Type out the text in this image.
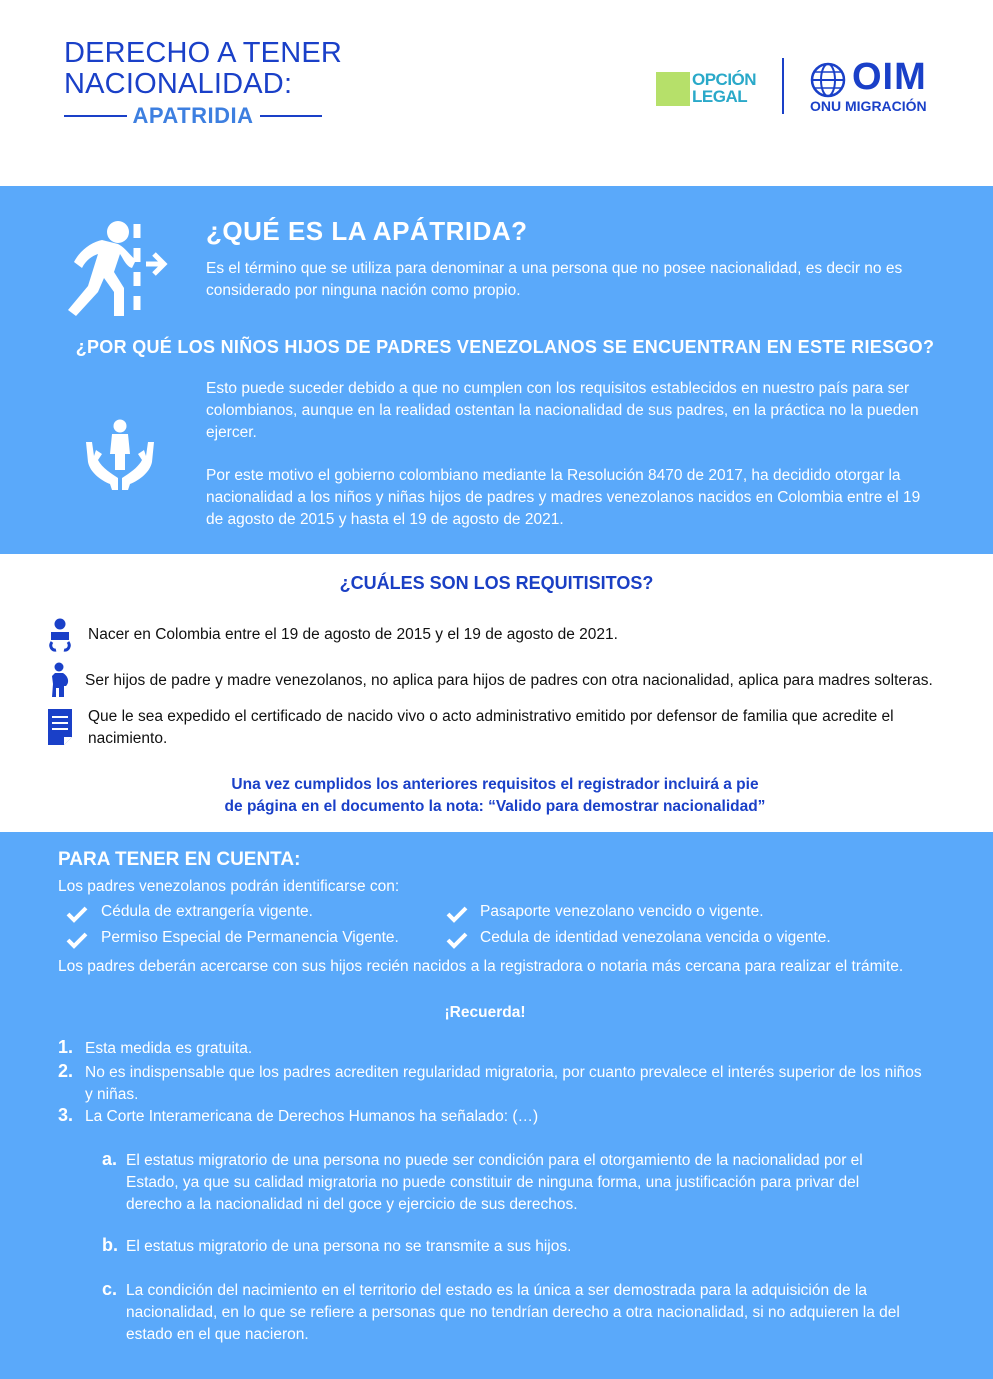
DERECHO A TENER
NACIONALIDAD:
APATRIDIA
OPCIÓN
LEGAL	OIM
ONU MIGRACIÓN
¿QUÉ ES LA APÁTRIDA?
Es el término que se utiliza para denominar a una persona que no posee nacionalidad, es decir no es considerado por ninguna nación como propio.
¿POR QUÉ LOS NIÑOS HIJOS DE PADRES VENEZOLANOS SE ENCUENTRAN EN ESTE RIESGO?
Esto puede suceder debido a que no cumplen con los requisitos establecidos en nuestro país para ser colombianos, aunque en la realidad ostentan la nacionalidad de sus padres, en la práctica no la pueden ejercer.
Por este motivo el gobierno colombiano mediante la Resolución 8470 de 2017, ha decidido otorgar la nacionalidad a los niños y niñas hijos de padres y madres venezolanos nacidos en Colombia entre el 19 de agosto de 2015 y hasta el 19 de agosto de 2021.
¿CUÁLES SON LOS REQUITISITOS?
Nacer en Colombia entre el 19 de agosto de 2015 y el 19 de agosto de 2021.
Ser hijos de padre y madre venezolanos, no aplica para hijos de padres con otra nacionalidad, aplica para madres solteras.
Que le sea expedido el certificado de nacido vivo o acto administrativo emitido por defensor de familia que acredite el nacimiento.
Una vez cumplidos los anteriores requisitos el registrador incluirá a pie
de página en el documento la nota: “Valido para demostrar nacionalidad”
PARA TENER EN CUENTA:
Los padres venezolanos podrán identificarse con:
Cédula de extrangería vigente.	Pasaporte venezolano vencido o vigente.
Permiso Especial de Permanencia Vigente.	Cedula de identidad venezolana vencida o vigente.
Los padres deberán acercarse con sus hijos recién nacidos a la registradora o notaria más cercana para realizar el trámite.
¡Recuerda!
1. Esta medida es gratuita.
2. No es indispensable que los padres acrediten regularidad migratoria, por cuanto prevalece el interés superior de los niños y niñas.
3. La Corte Interamericana de Derechos Humanos ha señalado: (…)
a. El estatus migratorio de una persona no puede ser condición para el otorgamiento de la nacionalidad por el Estado, ya que su calidad migratoria no puede constituir de ninguna forma, una justificación para privar del derecho a la nacionalidad ni del goce y ejercicio de sus derechos.
b. El estatus migratorio de una persona no se transmite a sus hijos.
c. La condición del nacimiento en el territorio del estado es la única a ser demostrada para la adquisición de la nacionalidad, en lo que se refiere a personas que no tendrían derecho a otra nacionalidad, si no adquieren la del estado en el que nacieron.
